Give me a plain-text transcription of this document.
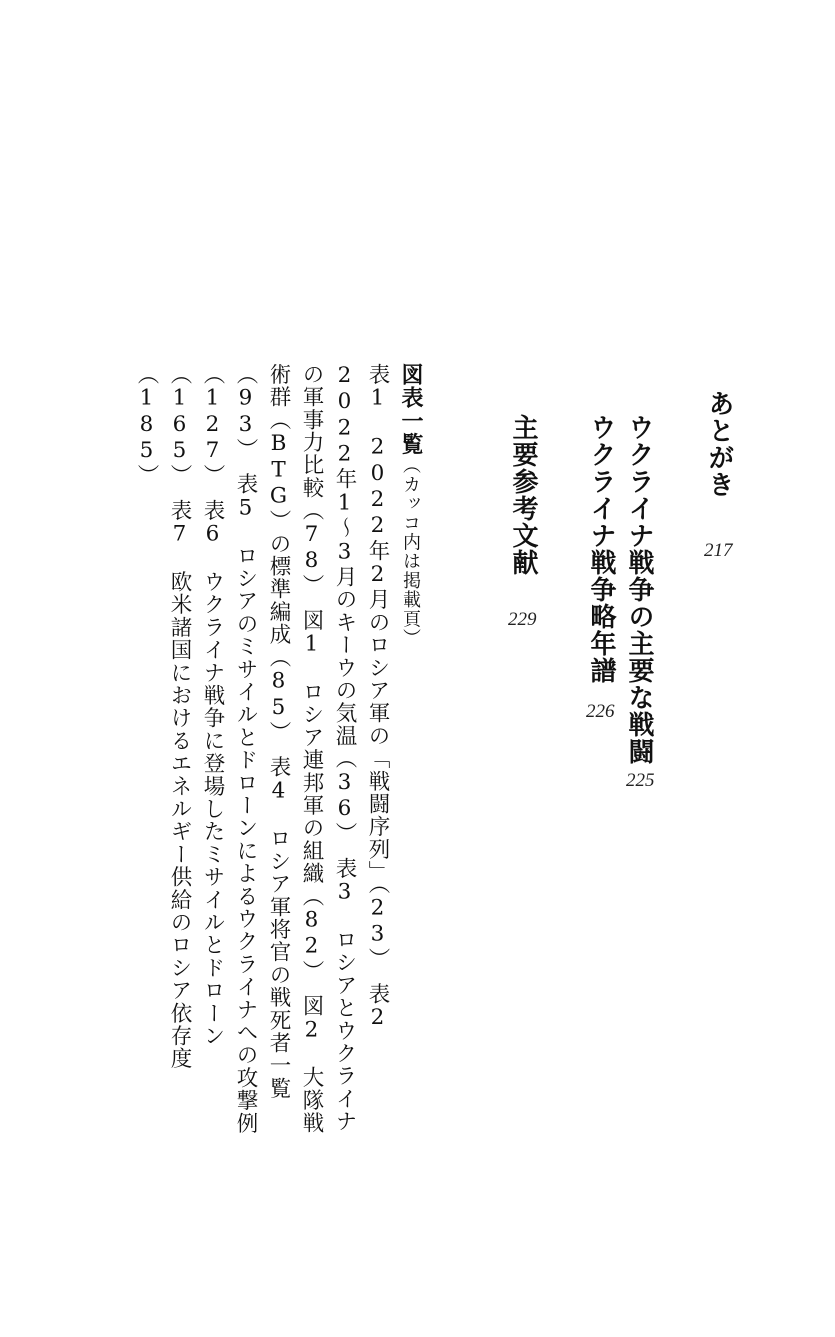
あとがき
217
ウクライナ戦争の主要な戦闘
225
ウクライナ戦争略年譜
226
主要参考文献
229
図表一覧（カッコ内は掲載頁）
表1　2022年2月のロシア軍の「戦闘序列」（23）　表2　2022年1～3月のキーウの気温（36）　表3　ロシアとウクライナの軍事力比較（78）　図1　ロシア連邦軍の組織（82）　図2　大隊戦術群（BTG）の標準編成（85）　表4　ロシア軍将官の戦死者一覧（93）　表5　ロシアのミサイルとドローンによるウクライナへの攻撃例（127）　表6　ウクライナ戦争に登場したミサイルとドローン（165）　表7　欧米諸国におけるエネルギー供給のロシア依存度（185）
